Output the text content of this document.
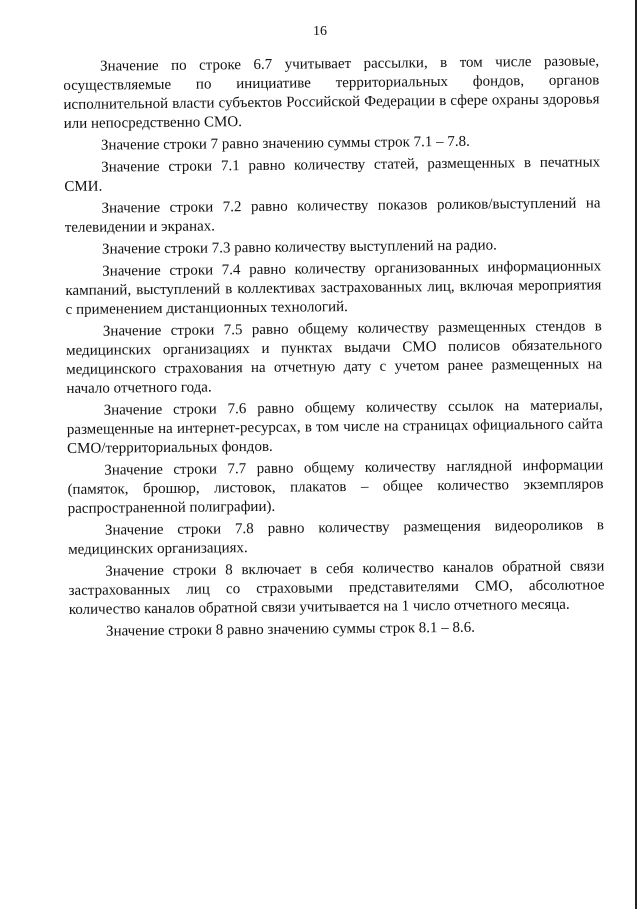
16

Значение по строке 6.7 учитывает рассылки, в том числе разовые, осуществляемые по инициативе территориальных фондов, органов исполнительной власти субъектов Российской Федерации в сфере охраны здоровья или непосредственно СМО.

Значение строки 7 равно значению суммы строк 7.1 – 7.8.

Значение строки 7.1 равно количеству статей, размещенных в печатных СМИ.

Значение строки 7.2 равно количеству показов роликов/выступлений на телевидении и экранах.

Значение строки 7.3 равно количеству выступлений на радио.

Значение строки 7.4 равно количеству организованных информационных кампаний, выступлений в коллективах застрахованных лиц, включая мероприятия с применением дистанционных технологий.

Значение строки 7.5 равно общему количеству размещенных стендов в медицинских организациях и пунктах выдачи СМО полисов обязательного медицинского страхования на отчетную дату с учетом ранее размещенных на начало отчетного года.

Значение строки 7.6 равно общему количеству ссылок на материалы, размещенные на интернет-ресурсах, в том числе на страницах официального сайта СМО/территориальных фондов.

Значение строки 7.7 равно общему количеству наглядной информации (памяток, брошюр, листовок, плакатов – общее количество экземпляров распространенной полиграфии).

Значение строки 7.8 равно количеству размещения видеороликов в медицинских организациях.

Значение строки 8 включает в себя количество каналов обратной связи застрахованных лиц со страховыми представителями СМО, абсолютное количество каналов обратной связи учитывается на 1 число отчетного месяца.

Значение строки 8 равно значению суммы строк 8.1 – 8.6.
